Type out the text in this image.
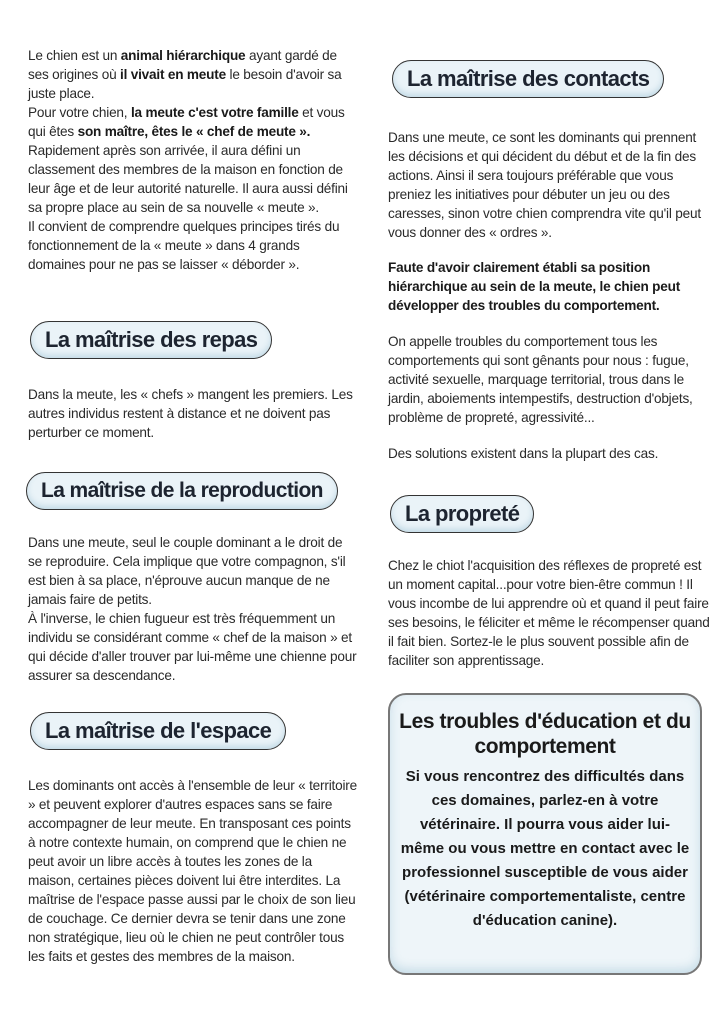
Le chien est un animal hiérarchique ayant gardé de ses origines où il vivait en meute le besoin d'avoir sa juste place.

Pour votre chien, la meute c'est votre famille et vous qui êtes son maître, êtes le « chef de meute ». Rapidement après son arrivée, il aura défini un classement des membres de la maison en fonction de leur âge et de leur autorité naturelle. Il aura aussi défini sa propre place au sein de sa nouvelle « meute ».

Il convient de comprendre quelques principes tirés du fonctionnement de la « meute » dans 4 grands domaines pour ne pas se laisser « déborder ».

La maîtrise des repas

Dans la meute, les « chefs » mangent les premiers. Les autres individus restent à distance et ne doivent pas perturber ce moment.

La maîtrise de la reproduction

Dans une meute, seul le couple dominant a le droit de se reproduire. Cela implique que votre compagnon, s'il est bien à sa place, n'éprouve aucun manque de ne jamais faire de petits.

À l'inverse, le chien fugueur est très fréquemment un individu se considérant comme « chef de la maison » et qui décide d'aller trouver par lui-même une chienne pour assurer sa descendance.

La maîtrise de l'espace

Les dominants ont accès à l'ensemble de leur « territoire » et peuvent explorer d'autres espaces sans se faire accompagner de leur meute. En transposant ces points à notre contexte humain, on comprend que le chien ne peut avoir un libre accès à toutes les zones de la maison, certaines pièces doivent lui être interdites. La maîtrise de l'espace passe aussi par le choix de son lieu de couchage. Ce dernier devra se tenir dans une zone non stratégique, lieu où le chien ne peut contrôler tous les faits et gestes des membres de la maison.

La maîtrise des contacts

Dans une meute, ce sont les dominants qui prennent les décisions et qui décident du début et de la fin des actions. Ainsi il sera toujours préférable que vous preniez les initiatives pour débuter un jeu ou des caresses, sinon votre chien comprendra vite qu'il peut vous donner des « ordres ».

Faute d'avoir clairement établi sa position hiérarchique au sein de la meute, le chien peut développer des troubles du comportement.

On appelle troubles du comportement tous les comportements qui sont gênants pour nous : fugue, activité sexuelle, marquage territorial, trous dans le jardin, aboiements intempestifs, destruction d'objets, problème de propreté, agressivité...

Des solutions existent dans la plupart des cas.

La propreté

Chez le chiot l'acquisition des réflexes de propreté est un moment capital...pour votre bien-être commun ! Il vous incombe de lui apprendre où et quand il peut faire ses besoins, le féliciter et même le récompenser quand il fait bien. Sortez-le le plus souvent possible afin de faciliter son apprentissage.

Les troubles d'éducation et du comportement
Si vous rencontrez des difficultés dans ces domaines, parlez-en à votre vétérinaire. Il pourra vous aider lui-même ou vous mettre en contact avec le professionnel susceptible de vous aider (vétérinaire comportementaliste, centre d'éducation canine).
